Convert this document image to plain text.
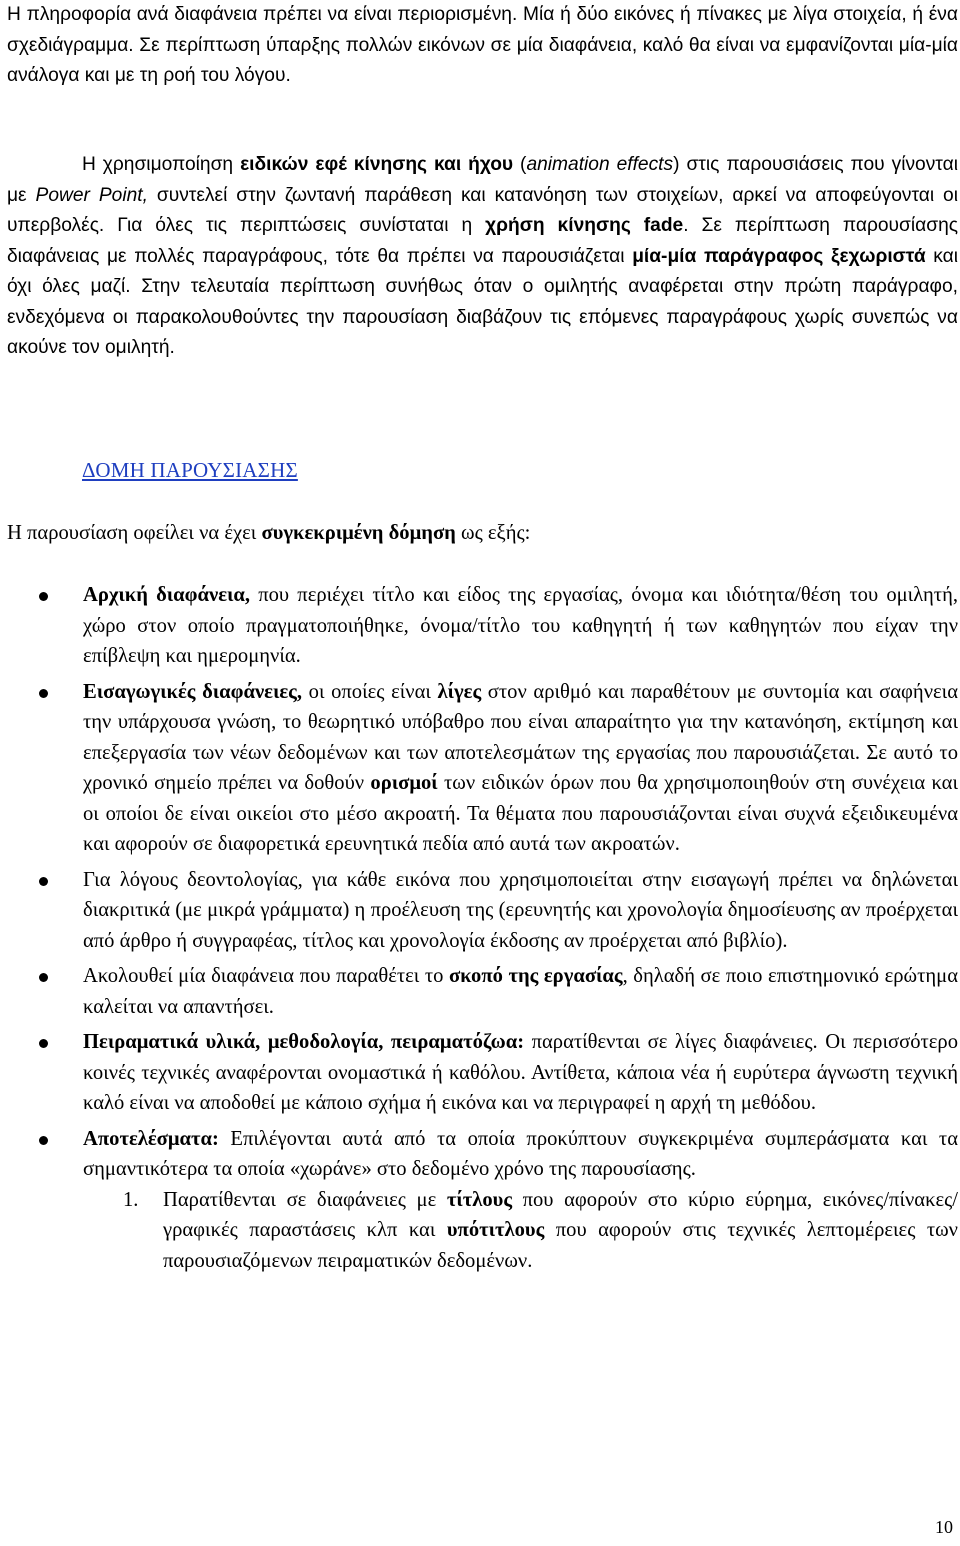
Η πληροφορία ανά διαφάνεια πρέπει να είναι περιορισμένη. Μία ή δύο εικόνες ή πίνακες με λίγα στοιχεία, ή ένα σχεδιάγραμμα. Σε περίπτωση ύπαρξης πολλών εικόνων σε μία διαφάνεια, καλό θα είναι να εμφανίζονται μία-μία ανάλογα και με τη ροή του λόγου.

Η χρησιμοποίηση ειδικών εφέ κίνησης και ήχου (animation effects) στις παρουσιάσεις που γίνονται με Power Point, συντελεί στην ζωντανή παράθεση και κατανόηση των στοιχείων, αρκεί να αποφεύγονται οι υπερβολές. Για όλες τις περιπτώσεις συνίσταται η χρήση κίνησης fade. Σε περίπτωση παρουσίασης διαφάνειας με πολλές παραγράφους, τότε θα πρέπει να παρουσιάζεται μία-μία παράγραφος ξεχωριστά και όχι όλες μαζί. Στην τελευταία περίπτωση συνήθως όταν ο ομιλητής αναφέρεται στην πρώτη παράγραφο, ενδεχόμενα οι παρακολουθούντες την παρουσίαση διαβάζουν τις επόμενες παραγράφους χωρίς συνεπώς να ακούνε τον ομιλητή.

ΔΟΜΗ ΠΑΡΟΥΣΙΑΣΗΣ

Η παρουσίαση οφείλει να έχει συγκεκριμένη δόμηση ως εξής:

Αρχική διαφάνεια, που περιέχει τίτλο και είδος της εργασίας, όνομα και ιδιότητα/θέση του ομιλητή, χώρο στον οποίο πραγματοποιήθηκε, όνομα/τίτλο του καθηγητή ή των καθηγητών που είχαν την επίβλεψη και ημερομηνία.
Εισαγωγικές διαφάνειες, οι οποίες είναι λίγες στον αριθμό και παραθέτουν με συντομία και σαφήνεια την υπάρχουσα γνώση, το θεωρητικό υπόβαθρο που είναι απαραίτητο για την κατανόηση, εκτίμηση και επεξεργασία των νέων δεδομένων και των αποτελεσμάτων της εργασίας που παρουσιάζεται. Σε αυτό το χρονικό σημείο πρέπει να δοθούν ορισμοί των ειδικών όρων που θα χρησιμοποιηθούν στη συνέχεια και οι οποίοι δε είναι οικείοι στο μέσο ακροατή. Τα θέματα που παρουσιάζονται είναι συχνά εξειδικευμένα και αφορούν σε διαφορετικά ερευνητικά πεδία από αυτά των ακροατών.
Για λόγους δεοντολογίας, για κάθε εικόνα που χρησιμοποιείται στην εισαγωγή πρέπει να δηλώνεται διακριτικά (με μικρά γράμματα) η προέλευση της (ερευνητής και χρονολογία δημοσίευσης αν προέρχεται από άρθρο ή συγγραφέας, τίτλος και χρονολογία έκδοσης αν προέρχεται από βιβλίο).
Ακολουθεί μία διαφάνεια που παραθέτει το σκοπό της εργασίας, δηλαδή σε ποιο επιστημονικό ερώτημα καλείται να απαντήσει.
Πειραματικά υλικά, μεθοδολογία, πειραματόζωα: παρατίθενται σε λίγες διαφάνειες. Οι περισσότερο κοινές τεχνικές αναφέρονται ονομαστικά ή καθόλου. Αντίθετα, κάποια νέα ή ευρύτερα άγνωστη τεχνική καλό είναι να αποδοθεί με κάποιο σχήμα ή εικόνα και να περιγραφεί η αρχή τη μεθόδου.
Αποτελέσματα: Επιλέγονται αυτά από τα οποία προκύπτουν συγκεκριμένα συμπεράσματα και τα σημαντικότερα τα οποία «χωράνε» στο δεδομένο χρόνο της παρουσίασης.
1. Παρατίθενται σε διαφάνειες με τίτλους που αφορούν στο κύριο εύρημα, εικόνες/πίνακες/γραφικές παραστάσεις κλπ και υπότιτλους που αφορούν στις τεχνικές λεπτομέρειες των παρουσιαζόμενων πειραματικών δεδομένων.
10
